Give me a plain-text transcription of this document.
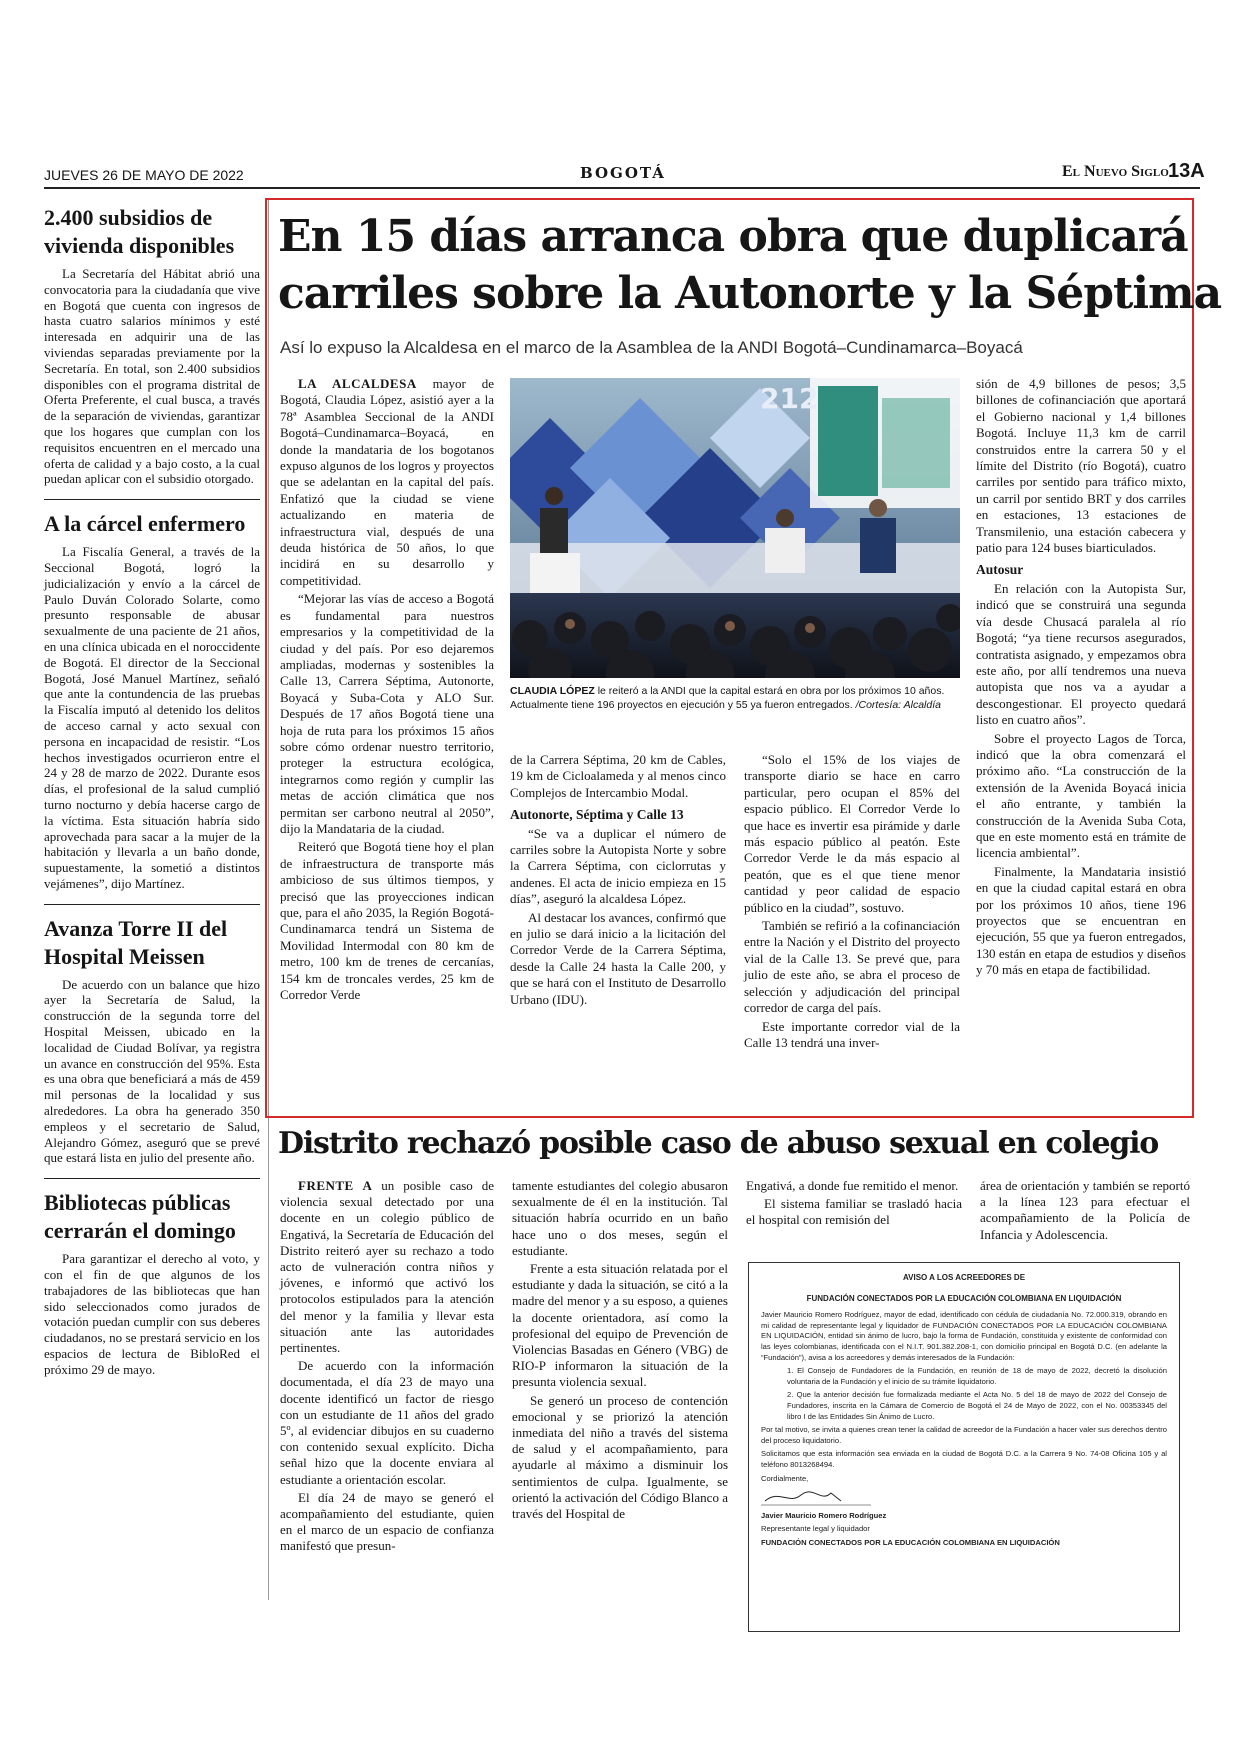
JUEVES 26 DE MAYO DE 2022	BOGOTÁ	El Nuevo Siglo 13A
2.400 subsidios de vivienda disponibles

La Secretaría del Hábitat abrió una convocatoria para la ciudadanía que vive en Bogotá que cuenta con ingresos de hasta cuatro salarios mínimos y esté interesada en adquirir una de las viviendas separadas previamente por la Secretaría. En total, son 2.400 subsidios disponibles con el programa distrital de Oferta Preferente, el cual busca, a través de la separación de viviendas, garantizar que los hogares que cumplan con los requisitos encuentren en el mercado una oferta de calidad y a bajo costo, a la cual puedan aplicar con el subsidio otorgado.

A la cárcel enfermero

La Fiscalía General, a través de la Seccional Bogotá, logró la judicialización y envío a la cárcel de Paulo Duván Colorado Solarte, como presunto responsable de abusar sexualmente de una paciente de 21 años, en una clínica ubicada en el noroccidente de Bogotá. El director de la Seccional Bogotá, José Manuel Martínez, señaló que ante la contundencia de las pruebas la Fiscalía imputó al detenido los delitos de acceso carnal y acto sexual con persona en incapacidad de resistir. “Los hechos investigados ocurrieron entre el 24 y 28 de marzo de 2022. Durante esos días, el profesional de la salud cumplió turno nocturno y debía hacerse cargo de la víctima. Esta situación habría sido aprovechada para sacar a la mujer de la habitación y llevarla a un baño donde, supuestamente, la sometió a distintos vejámenes”, dijo Martínez.

Avanza Torre II del Hospital Meissen

De acuerdo con un balance que hizo ayer la Secretaría de Salud, la construcción de la segunda torre del Hospital Meissen, ubicado en la localidad de Ciudad Bolívar, ya registra un avance en construcción del 95%. Esta es una obra que beneficiará a más de 459 mil personas de la localidad y sus alrededores. La obra ha generado 350 empleos y el secretario de Salud, Alejandro Gómez, aseguró que se prevé que estará lista en julio del presente año.

Bibliotecas públicas cerrarán el domingo

Para garantizar el derecho al voto, y con el fin de que algunos de los trabajadores de las bibliotecas que han sido seleccionados como jurados de votación puedan cumplir con sus deberes ciudadanos, no se prestará servicio en los espacios de lectura de BibloRed el próximo 29 de mayo.

En 15 días arranca obra que duplicará
carriles sobre la Autonorte y la Séptima
Así lo expuso la Alcaldesa en el marco de la Asamblea de la ANDI Bogotá–Cundinamarca–Boyacá

LA ALCALDESA mayor de Bogotá, Claudia López, asistió ayer a la 78ª Asamblea Seccional de la ANDI Bogotá–Cundinamarca–Boyacá, en donde la mandataria de los bogotanos expuso algunos de los logros y proyectos que se adelantan en la capital del país. Enfatizó que la ciudad se viene actualizando en materia de infraestructura vial, después de una deuda histórica de 50 años, lo que incidirá en su desarrollo y competitividad.

“Mejorar las vías de acceso a Bogotá es fundamental para nuestros empresarios y la competitividad de la ciudad y del país. Por eso dejaremos ampliadas, modernas y sostenibles la Calle 13, Carrera Séptima, Autonorte, Boyacá y Suba-Cota y ALO Sur. Después de 17 años Bogotá tiene una hoja de ruta para los próximos 15 años sobre cómo ordenar nuestro territorio, proteger la estructura ecológica, integrarnos como región y cumplir las metas de acción climática que nos permitan ser carbono neutral al 2050”, dijo la Mandataria de la ciudad.

Reiteró que Bogotá tiene hoy el plan de infraestructura de transporte más ambicioso de sus últimos tiempos, y precisó que las proyecciones indican que, para el año 2035, la Región Bogotá-Cundinamarca tendrá un Sistema de Movilidad Intermodal con 80 km de metro, 100 km de trenes de cercanías, 154 km de troncales verdes, 25 km de Corredor Verde

212
CLAUDIA LÓPEZ le reiteró a la ANDI que la capital estará en obra por los próximos 10 años. Actualmente tiene 196 proyectos en ejecución y 55 ya fueron entregados. /Cortesía: Alcaldía

de la Carrera Séptima, 20 km de Cables, 19 km de Cicloalameda y al menos cinco Complejos de Intercambio Modal.

Autonorte, Séptima y Calle 13

“Se va a duplicar el número de carriles sobre la Autopista Norte y sobre la Carrera Séptima, con ciclorrutas y andenes. El acta de inicio empieza en 15 días”, aseguró la alcaldesa López.

Al destacar los avances, confirmó que en julio se dará inicio a la licitación del Corredor Verde de la Carrera Séptima, desde la Calle 24 hasta la Calle 200, y que se hará con el Instituto de Desarrollo Urbano (IDU).

“Solo el 15% de los viajes de transporte diario se hace en carro particular, pero ocupan el 85% del espacio público. El Corredor Verde lo que hace es invertir esa pirámide y darle más espacio público al peatón. Este Corredor Verde le da más espacio al peatón, que es el que tiene menor cantidad y peor calidad de espacio público en la ciudad”, sostuvo.

También se refirió a la cofinanciación entre la Nación y el Distrito del proyecto vial de la Calle 13. Se prevé que, para julio de este año, se abra el proceso de selección y adjudicación del principal corredor de carga del país.

Este importante corredor vial de la Calle 13 tendrá una inver-

sión de 4,9 billones de pesos; 3,5 billones de cofinanciación que aportará el Gobierno nacional y 1,4 billones Bogotá. Incluye 11,3 km de carril construidos entre la carrera 50 y el límite del Distrito (río Bogotá), cuatro carriles por sentido para tráfico mixto, un carril por sentido BRT y dos carriles en estaciones, 13 estaciones de Transmilenio, una estación cabecera y patio para 124 buses biarticulados.

Autosur

En relación con la Autopista Sur, indicó que se construirá una segunda vía desde Chusacá paralela al río Bogotá; “ya tiene recursos asegurados, contratista asignado, y empezamos obra este año, por allí tendremos una nueva autopista que nos va a ayudar a descongestionar. El proyecto quedará listo en cuatro años”.

Sobre el proyecto Lagos de Torca, indicó que la obra comenzará el próximo año. “La construcción de la extensión de la Avenida Boyacá inicia el año entrante, y también la construcción de la Avenida Suba Cota, que en este momento está en trámite de licencia ambiental”.

Finalmente, la Mandataria insistió en que la ciudad capital estará en obra por los próximos 10 años, tiene 196 proyectos que se encuentran en ejecución, 55 que ya fueron entregados, 130 están en etapa de estudios y diseños y 70 más en etapa de factibilidad.

Distrito rechazó posible caso de abuso sexual en colegio

FRENTE A un posible caso de violencia sexual detectado por una docente en un colegio público de Engativá, la Secretaría de Educación del Distrito reiteró ayer su rechazo a todo acto de vulneración contra niños y jóvenes, e informó que activó los protocolos estipulados para la atención del menor y la familia y llevar esta situación ante las autoridades pertinentes.

De acuerdo con la información documentada, el día 23 de mayo una docente identificó un factor de riesgo con un estudiante de 11 años del grado 5º, al evidenciar dibujos en su cuaderno con contenido sexual explícito. Dicha señal hizo que la docente enviara al estudiante a orientación escolar.

El día 24 de mayo se generó el acompañamiento del estudiante, quien en el marco de un espacio de confianza manifestó que presun-

tamente estudiantes del colegio abusaron sexualmente de él en la institución. Tal situación habría ocurrido en un baño hace uno o dos meses, según el estudiante.

Frente a esta situación relatada por el estudiante y dada la situación, se citó a la madre del menor y a su esposo, a quienes la docente orientadora, así como la profesional del equipo de Prevención de Violencias Basadas en Género (VBG) de RIO-P informaron la situación de la presunta violencia sexual.

Se generó un proceso de contención emocional y se priorizó la atención inmediata del niño a través del sistema de salud y el acompañamiento, para ayudarle al máximo a disminuir los sentimientos de culpa. Igualmente, se orientó la activación del Código Blanco a través del Hospital de

Engativá, a donde fue remitido el menor.

El sistema familiar se trasladó hacia el hospital con remisión del

área de orientación y también se reportó a la línea 123 para efectuar el acompañamiento de la Policía de Infancia y Adolescencia.

AVISO A LOS ACREEDORES DE
FUNDACIÓN CONECTADOS POR LA EDUCACIÓN COLOMBIANA EN LIQUIDACIÓN

Javier Mauricio Romero Rodríguez, mayor de edad, identificado con cédula de ciudadanía No. 72.000.319, obrando en mi calidad de representante legal y liquidador de FUNDACIÓN CONECTADOS POR LA EDUCACIÓN COLOMBIANA EN LIQUIDACIÓN, entidad sin ánimo de lucro, bajo la forma de Fundación, constituida y existente de conformidad con las leyes colombianas, identificada con el N.I.T. 901.382.208-1, con domicilio principal en Bogotá D.C. (en adelante la “Fundación”), avisa a los acreedores y demás interesados de la Fundación:

1. El Consejo de Fundadores de la Fundación, en reunión de 18 de mayo de 2022, decretó la disolución voluntaria de la Fundación y el inicio de su trámite liquidatorio.

2. Que la anterior decisión fue formalizada mediante el Acta No. 5 del 18 de mayo de 2022 del Consejo de Fundadores, inscrita en la Cámara de Comercio de Bogotá el 24 de Mayo de 2022, con el No. 00353345 del libro I de las Entidades Sin Ánimo de Lucro.

Por tal motivo, se invita a quienes crean tener la calidad de acreedor de la Fundación a hacer valer sus derechos dentro del proceso liquidatorio.

Solicitamos que esta información sea enviada en la ciudad de Bogotá D.C. a la Carrera 9 No. 74-08 Oficina 105 y al teléfono 8013268494.

Cordialmente,

Javier Mauricio Romero Rodríguez

Representante legal y liquidador

FUNDACIÓN CONECTADOS POR LA EDUCACIÓN COLOMBIANA EN LIQUIDACIÓN
